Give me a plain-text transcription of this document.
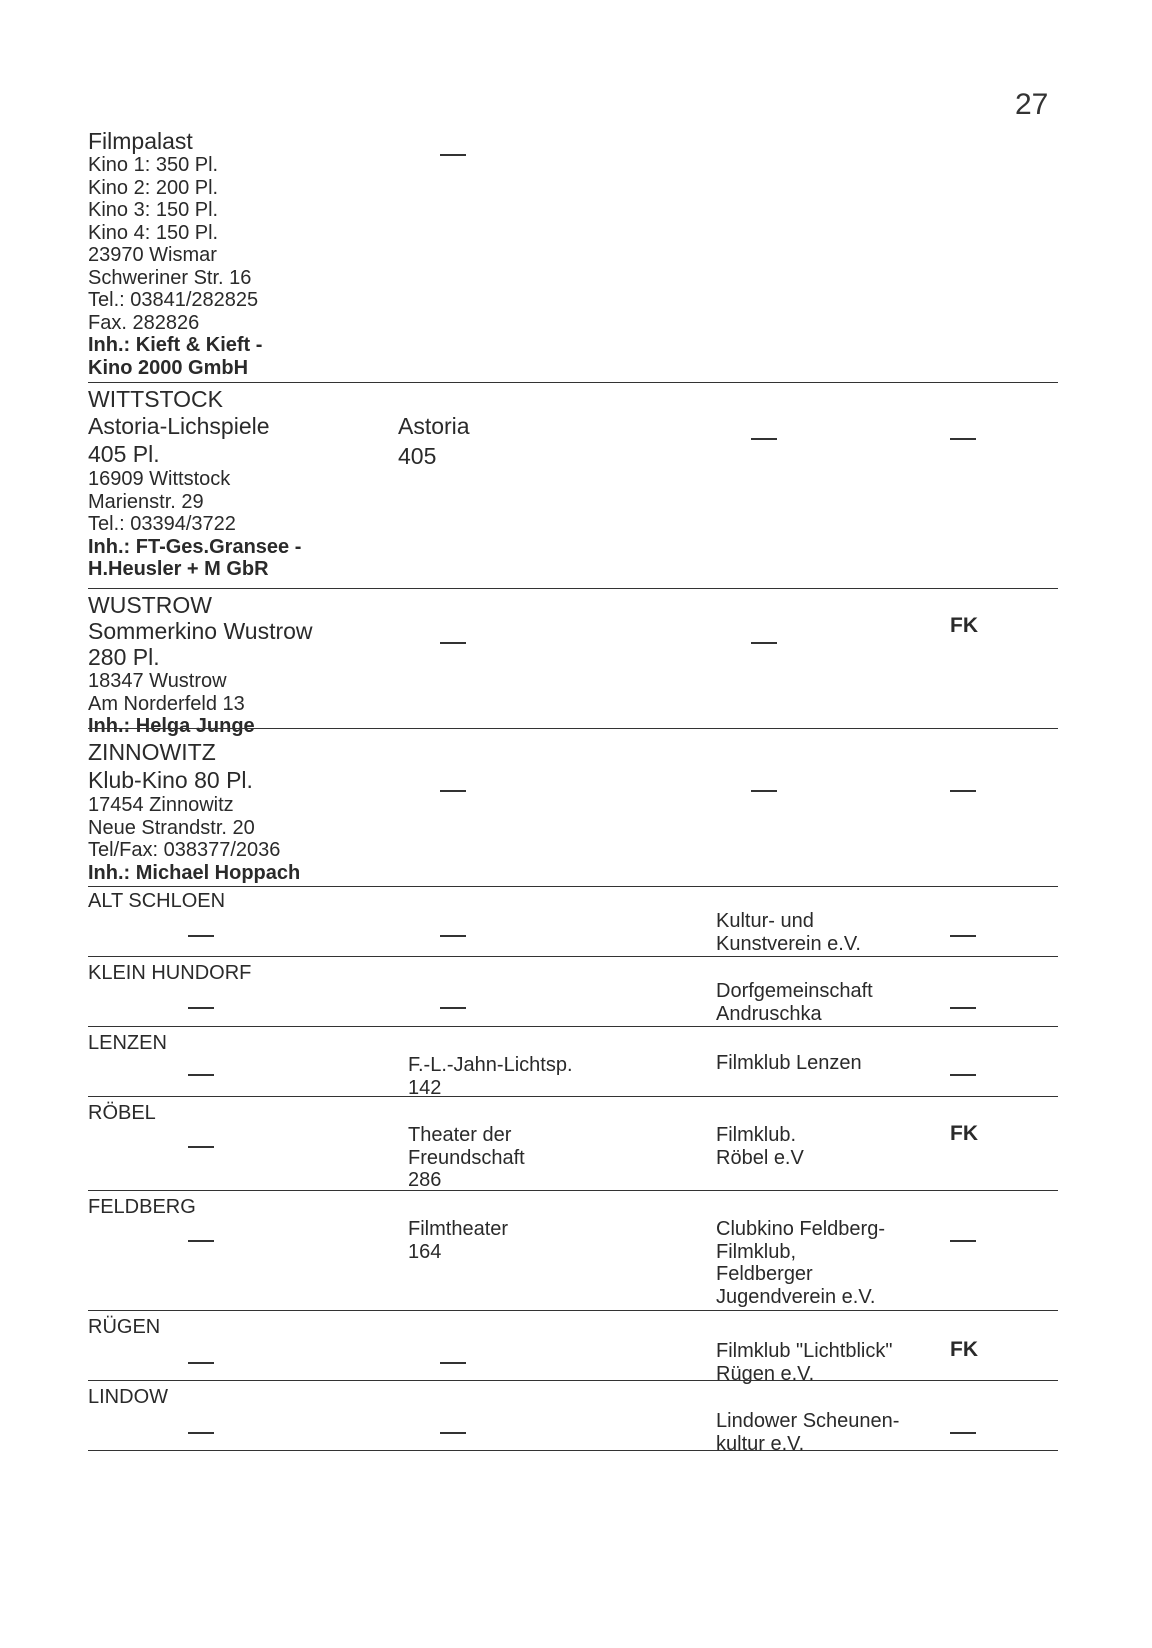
27
Filmpalast
Kino 1: 350 Pl.
Kino 2: 200 Pl.
Kino 3: 150 Pl.
Kino 4: 150 Pl.
23970 Wismar
Schweriner Str. 16
Tel.: 03841/282825
Fax. 282826
Inh.: Kieft & Kieft -
Kino 2000 GmbH
WITTSTOCK
Astoria-Lichspiele
405 Pl.
16909 Wittstock
Marienstr. 29
Tel.: 03394/3722
Inh.: FT-Ges.Gransee -
H.Heusler + M GbR
Astoria
405
WUSTROW
Sommerkino Wustrow
280 Pl.
18347 Wustrow
Am Norderfeld 13
Inh.: Helga Junge
FK
ZINNOWITZ
Klub-Kino 80 Pl.
17454 Zinnowitz
Neue Strandstr. 20
Tel/Fax: 038377/2036
Inh.: Michael Hoppach
ALT SCHLOEN
Kultur- und
Kunstverein e.V.
KLEIN HUNDORF
Dorfgemeinschaft
Andruschka
LENZEN
F.-L.-Jahn-Lichtsp.
142
Filmklub Lenzen
RÖBEL
Theater der
Freundschaft
286
Filmklub.
Röbel e.V
FK
FELDBERG
Filmtheater
164
Clubkino Feldberg-
Filmklub,
Feldberger
Jugendverein e.V.
RÜGEN
Filmklub "Lichtblick"
Rügen e.V.
FK
LINDOW
Lindower Scheunen-
kultur e.V.
